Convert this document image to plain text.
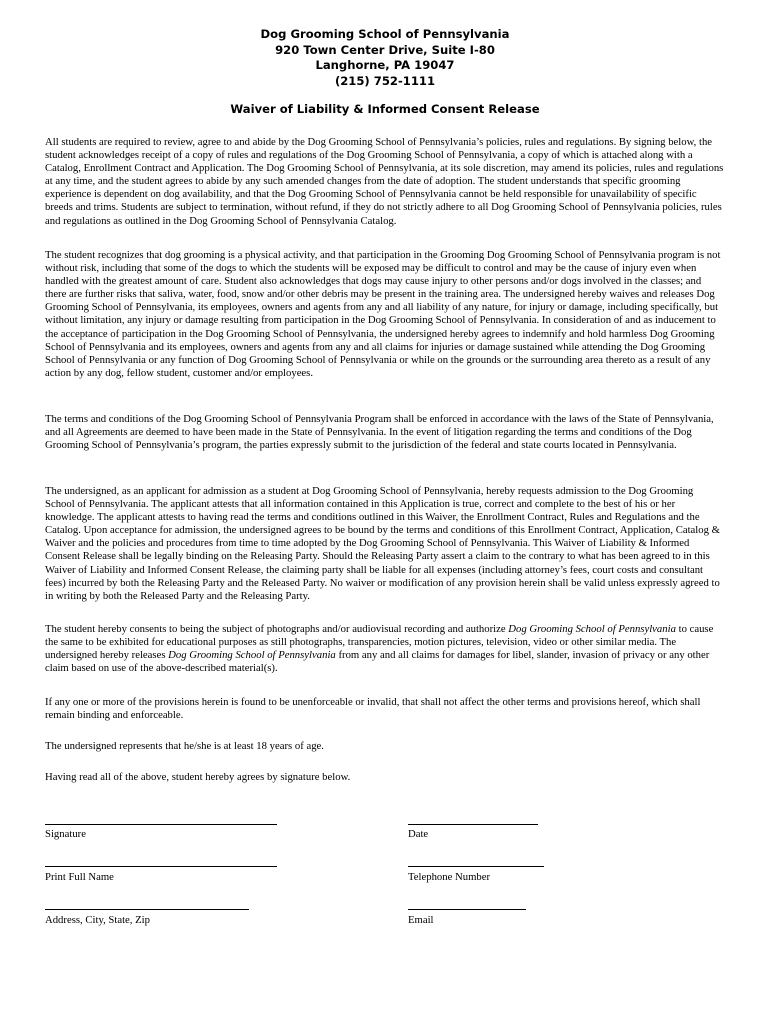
Dog Grooming School of Pennsylvania
920 Town Center Drive, Suite I-80
Langhorne, PA 19047
(215) 752-1111
Waiver of Liability & Informed Consent Release
All students are required to review, agree to and abide by the Dog Grooming School of Pennsylvania’s policies, rules and regulations. By signing below, the student acknowledges receipt of a copy of rules and regulations of the Dog Grooming School of Pennsylvania, a copy of which is attached along with a Catalog, Enrollment Contract and Application. The Dog Grooming School of Pennsylvania, at its sole discretion, may amend its policies, rules and regulations at any time, and the student agrees to abide by any such amended changes from the date of adoption. The student understands that specific grooming experience is dependent on dog availability, and that the Dog Grooming School of Pennsylvania cannot be held responsible for unavailability of specific breeds and trims. Students are subject to termination, without refund, if they do not strictly adhere to all Dog Grooming School of Pennsylvania policies, rules and regulations as outlined in the Dog Grooming School of Pennsylvania Catalog.
The student recognizes that dog grooming is a physical activity, and that participation in the Grooming Dog Grooming School of Pennsylvania program is not without risk, including that some of the dogs to which the students will be exposed may be difficult to control and may be the cause of injury even when handled with the greatest amount of care. Student also acknowledges that dogs may cause injury to other persons and/or dogs involved in the classes; and there are further risks that saliva, water, food, snow and/or other debris may be present in the training area. The undersigned hereby waives and releases Dog Grooming School of Pennsylvania, its employees, owners and agents from any and all liability of any nature, for injury or damage, including specifically, but without limitation, any injury or damage resulting from participation in the Dog Grooming School of Pennsylvania. In consideration of and as inducement to the acceptance of participation in the Dog Grooming School of Pennsylvania, the undersigned hereby agrees to indemnify and hold harmless Dog Grooming School of Pennsylvania and its employees, owners and agents from any and all claims for injuries or damage sustained while attending the Dog Grooming School of Pennsylvania or any function of Dog Grooming School of Pennsylvania or while on the grounds or the surrounding area thereto as a result of any action by any dog, fellow student, customer and/or employees.
The terms and conditions of the Dog Grooming School of Pennsylvania Program shall be enforced in accordance with the laws of the State of Pennsylvania, and all Agreements are deemed to have been made in the State of Pennsylvania. In the event of litigation regarding the terms and conditions of the Dog Grooming School of Pennsylvania’s program, the parties expressly submit to the jurisdiction of the federal and state courts located in Pennsylvania.
The undersigned, as an applicant for admission as a student at Dog Grooming School of Pennsylvania, hereby requests admission to the Dog Grooming School of Pennsylvania. The applicant attests that all information contained in this Application is true, correct and complete to the best of his or her knowledge. The applicant attests to having read the terms and conditions outlined in this Waiver, the Enrollment Contract, Rules and Regulations and the Catalog. Upon acceptance for admission, the undersigned agrees to be bound by the terms and conditions of this Enrollment Contract, Application, Catalog & Waiver and the policies and procedures from time to time adopted by the Dog Grooming School of Pennsylvania. This Waiver of Liability & Informed Consent Release shall be legally binding on the Releasing Party. Should the Releasing Party assert a claim to the contrary to what has been agreed to in this Waiver of Liability and Informed Consent Release, the claiming party shall be liable for all expenses (including attorney’s fees, court costs and consultant fees) incurred by both the Releasing Party and the Released Party. No waiver or modification of any provision herein shall be valid unless expressly agreed to in writing by both the Released Party and the Releasing Party.
The student hereby consents to being the subject of photographs and/or audiovisual recording and authorize Dog Grooming School of Pennsylvania to cause the same to be exhibited for educational purposes as still photographs, transparencies, motion pictures, television, video or other similar media. The undersigned hereby releases Dog Grooming School of Pennsylvania from any and all claims for damages for libel, slander, invasion of privacy or any other claim based on use of the above-described material(s).
If any one or more of the provisions herein is found to be unenforceable or invalid, that shall not affect the other terms and provisions hereof, which shall remain binding and enforceable.
The undersigned represents that he/she is at least 18 years of age.
Having read all of the above, student hereby agrees by signature below.
Signature	Date
Print Full Name	Telephone Number
Address, City, State, Zip	Email
